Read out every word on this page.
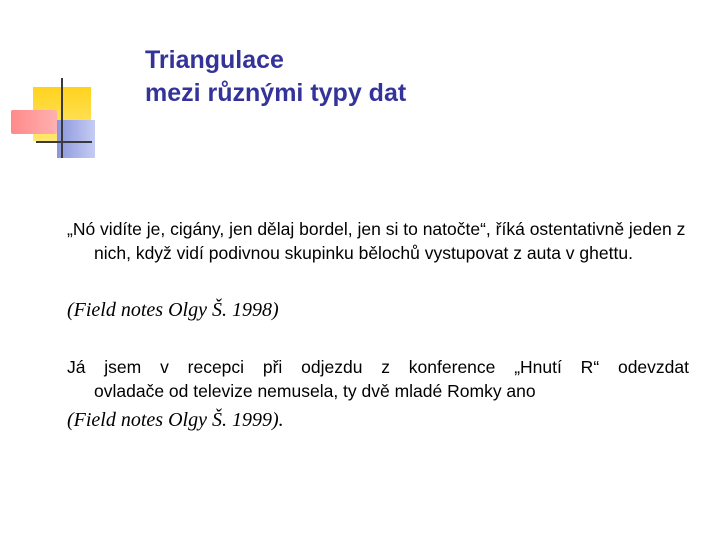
Triangulace
mezi různými typy dat

„Nó vidíte je, cigány, jen dělaj bordel, jen si to natočte“, říká ostentativně jeden z nich, když vidí podivnou skupinku bělochů vystupovat z auta v ghettu.

(Field notes Olgy Š. 1998)

Já jsem v recepci při odjezdu z konference „Hnutí R“ odevzdat
ovladače od televize nemusela, ty dvě mladé Romky ano

(Field notes Olgy Š. 1999).
